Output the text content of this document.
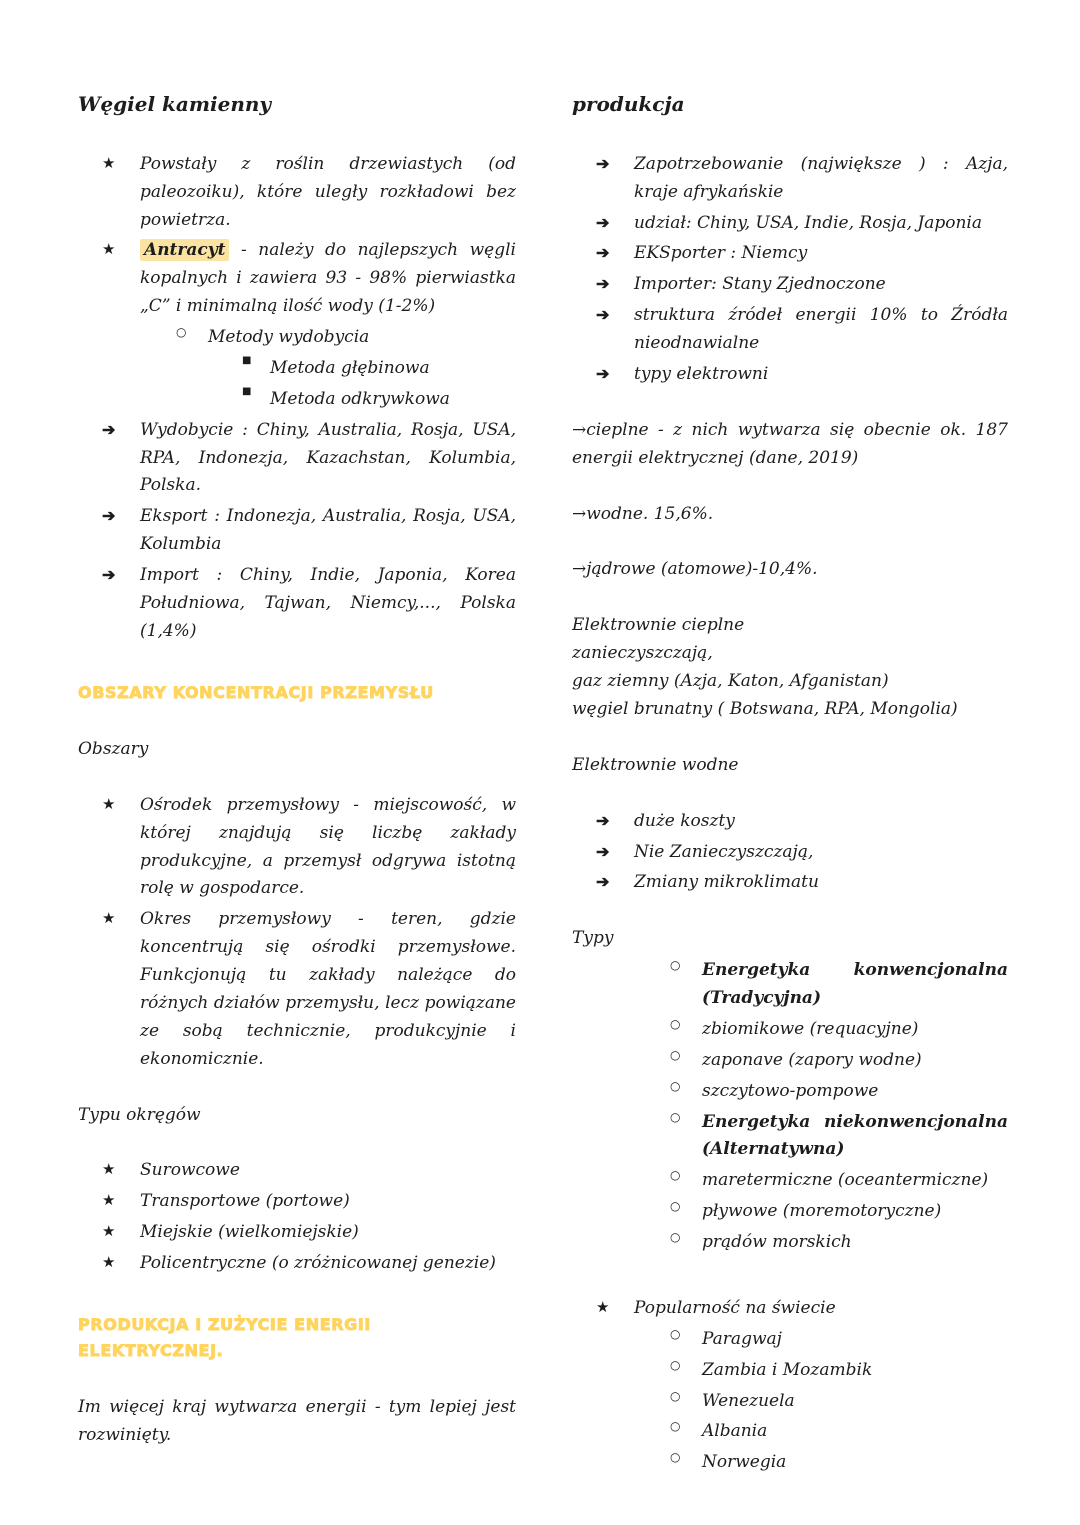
Węgiel kamienny
★	Powstały z roślin drzewiastych (od paleozoiku), które uległy rozkładowi bez powietrza.
★	Antracyt - należy do najlepszych węgli kopalnych i zawiera 93 - 98% pierwiastka „C” i minimalną ilość wody (1-2%)
○	Metody wydobycia
■	Metoda głębinowa
■	Metoda odkrywkowa
➔	Wydobycie : Chiny, Australia, Rosja, USA, RPA, Indonezja, Kazachstan, Kolumbia, Polska.
➔	Eksport : Indonezja, Australia, Rosja, USA, Kolumbia
➔	Import : Chiny, Indie, Japonia, Korea Południowa, Tajwan, Niemcy,..., Polska (1,4%)
OBSZARY KONCENTRACJI PRZEMYSŁU
Obszary
★	Ośrodek przemysłowy - miejscowość, w której znajdują się liczbę zakłady produkcyjne, a przemysł odgrywa istotną rolę w gospodarce.
★	Okres przemysłowy - teren, gdzie koncentrują się ośrodki przemysłowe. Funkcjonują tu zakłady należące do różnych działów przemysłu, lecz powiązane ze sobą technicznie, produkcyjnie i ekonomicznie.
Typu okręgów
★	Surowcowe
★	Transportowe (portowe)
★	Miejskie (wielkomiejskie)
★	Policentryczne (o zróżnicowanej genezie)
PRODUKCJA I ZUŻYCIE ENERGII ELEKTRYCZNEJ.
Im więcej kraj wytwarza energii - tym lepiej jest rozwinięty.
produkcja
➔	Zapotrzebowanie (największe ) : Azja, kraje afrykańskie
➔	udział: Chiny, USA, Indie, Rosja, Japonia
➔	EKSporter : Niemcy
➔	Importer: Stany Zjednoczone
➔	struktura źródeł energii 10% to Źródła nieodnawialne
➔	typy elektrowni
→cieplne - z nich wytwarza się obecnie ok. 187 energii elektrycznej (dane, 2019)
→wodne. 15,6%.
→jądrowe (atomowe)-10,4%.
Elektrownie cieplne
zanieczyszczają,
gaz ziemny (Azja, Katon, Afganistan)
węgiel brunatny ( Botswana, RPA, Mongolia)
Elektrownie wodne
➔	duże koszty
➔	Nie Zanieczyszczają,
➔	Zmiany mikroklimatu
Typy
○	Energetyka konwencjonalna (Tradycyjna)
○	zbiomikowe (requacyjne)
○	zaponave (zapory wodne)
○	szczytowo-pompowe
○	Energetyka niekonwencjonalna (Alternatywna)
○	maretermiczne (oceantermiczne)
○	pływowe (moremotoryczne)
○	prądów morskich
★	Popularność na świecie
○	Paragwaj
○	Zambia i Mozambik
○	Wenezuela
○	Albania
○	Norwegia
